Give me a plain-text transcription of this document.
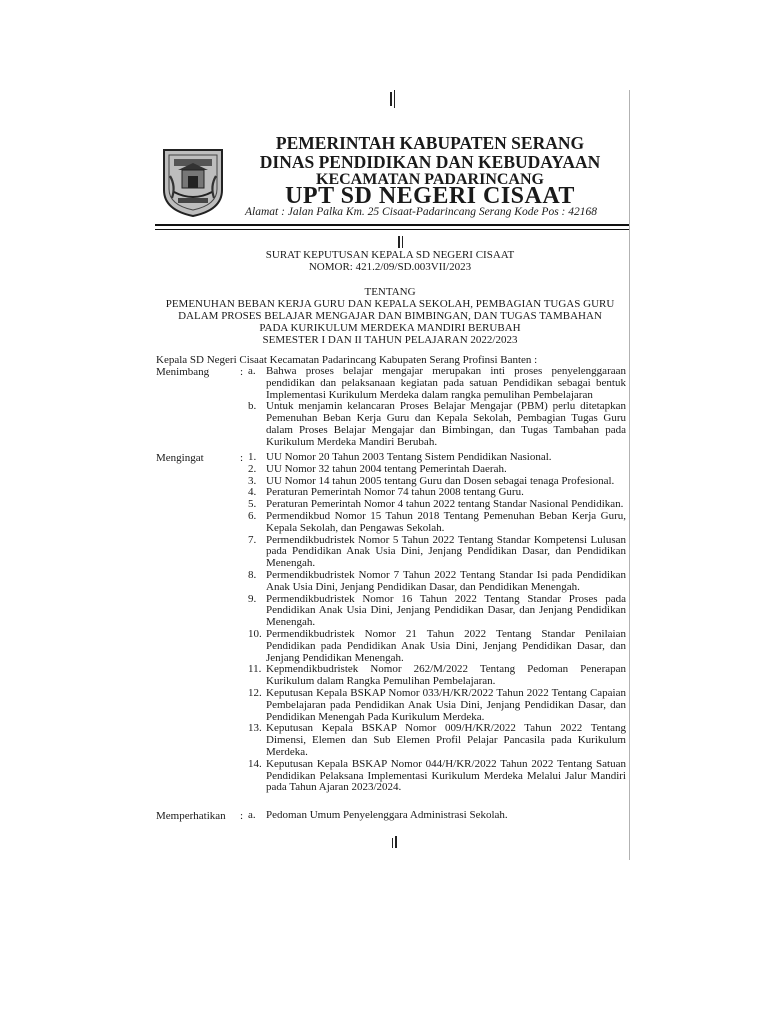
PEMERINTAH KABUPATEN SERANG
DINAS PENDIDIKAN DAN KEBUDAYAAN
KECAMATAN PADARINCANG
UPT SD NEGERI CISAAT
Alamat : Jalan Palka Km. 25 Cisaat-Padarincang Serang Kode Pos : 42168
SURAT KEPUTUSAN KEPALA SD NEGERI CISAAT
NOMOR: 421.2/09/SD.003VII/2023
TENTANG
PEMENUHAN BEBAN KERJA GURU DAN KEPALA SEKOLAH, PEMBAGIAN TUGAS GURU
DALAM PROSES BELAJAR MENGAJAR DAN BIMBINGAN, DAN TUGAS TAMBAHAN
PADA KURIKULUM MERDEKA MANDIRI BERUBAH
SEMESTER I DAN II TAHUN PELAJARAN 2022/2023
Kepala SD Negeri Cisaat Kecamatan Padarincang Kabupaten Serang Profinsi Banten :
Menimbang	: a. Bahwa proses belajar mengajar merupakan inti proses penyelenggaraan pendidikan dan pelaksanaan kegiatan pada satuan Pendidikan sebagai bentuk Implementasi Kurikulum Merdeka dalam rangka pemulihan Pembelajaran
b. Untuk menjamin kelancaran Proses Belajar Mengajar (PBM) perlu ditetapkan Pemenuhan Beban Kerja Guru dan Kepala Sekolah, Pembagian Tugas Guru dalam Proses Belajar Mengajar dan Bimbingan, dan Tugas Tambahan pada Kurikulum Merdeka Mandiri Berubah.
Mengingat	: 1. UU Nomor 20 Tahun 2003 Tentang Sistem Pendidikan Nasional.
2. UU Nomor 32 tahun 2004 tentang Pemerintah Daerah.
3. UU Nomor 14 tahun 2005 tentang Guru dan Dosen sebagai tenaga Profesional.
4. Peraturan Pemerintah Nomor 74 tahun 2008 tentang Guru.
5. Peraturan Pemerintah Nomor 4 tahun 2022 tentang Standar Nasional Pendidikan.
6. Permendikbud Nomor 15 Tahun 2018 Tentang Pemenuhan Beban Kerja Guru, Kepala Sekolah, dan Pengawas Sekolah.
7. Permendikbudristek Nomor 5 Tahun 2022 Tentang Standar Kompetensi Lulusan pada Pendidikan Anak Usia Dini, Jenjang Pendidikan Dasar, dan Pendidikan Menengah.
8. Permendikbudristek Nomor 7 Tahun 2022 Tentang Standar Isi pada Pendidikan Anak Usia Dini, Jenjang Pendidikan Dasar, dan Pendidikan Menengah.
9. Permendikbudristek Nomor 16 Tahun 2022 Tentang Standar Proses pada Pendidikan Anak Usia Dini, Jenjang Pendidikan Dasar, dan Jenjang Pendidikan Menengah.
10. Permendikbudristek Nomor 21 Tahun 2022 Tentang Standar Penilaian Pendidikan pada Pendidikan Anak Usia Dini, Jenjang Pendidikan Dasar, dan Jenjang Pendidikan Menengah.
11. Kepmendikbudristek Nomor 262/M/2022 Tentang Pedoman Penerapan Kurikulum dalam Rangka Pemulihan Pembelajaran.
12. Keputusan Kepala BSKAP Nomor 033/H/KR/2022 Tahun 2022 Tentang Capaian Pembelajaran pada Pendidikan Anak Usia Dini, Jenjang Pendidikan Dasar, dan Pendidikan Menengah Pada Kurikulum Merdeka.
13. Keputusan Kepala BSKAP Nomor 009/H/KR/2022 Tahun 2022 Tentang Dimensi, Elemen dan Sub Elemen Profil Pelajar Pancasila pada Kurikulum Merdeka.
14. Keputusan Kepala BSKAP Nomor 044/H/KR/2022 Tahun 2022 Tentang Satuan Pendidikan Pelaksana Implementasi Kurikulum Merdeka Melalui Jalur Mandiri pada Tahun Ajaran 2023/2024.
Memperhatikan : a. Pedoman Umum Penyelenggara Administrasi Sekolah.
